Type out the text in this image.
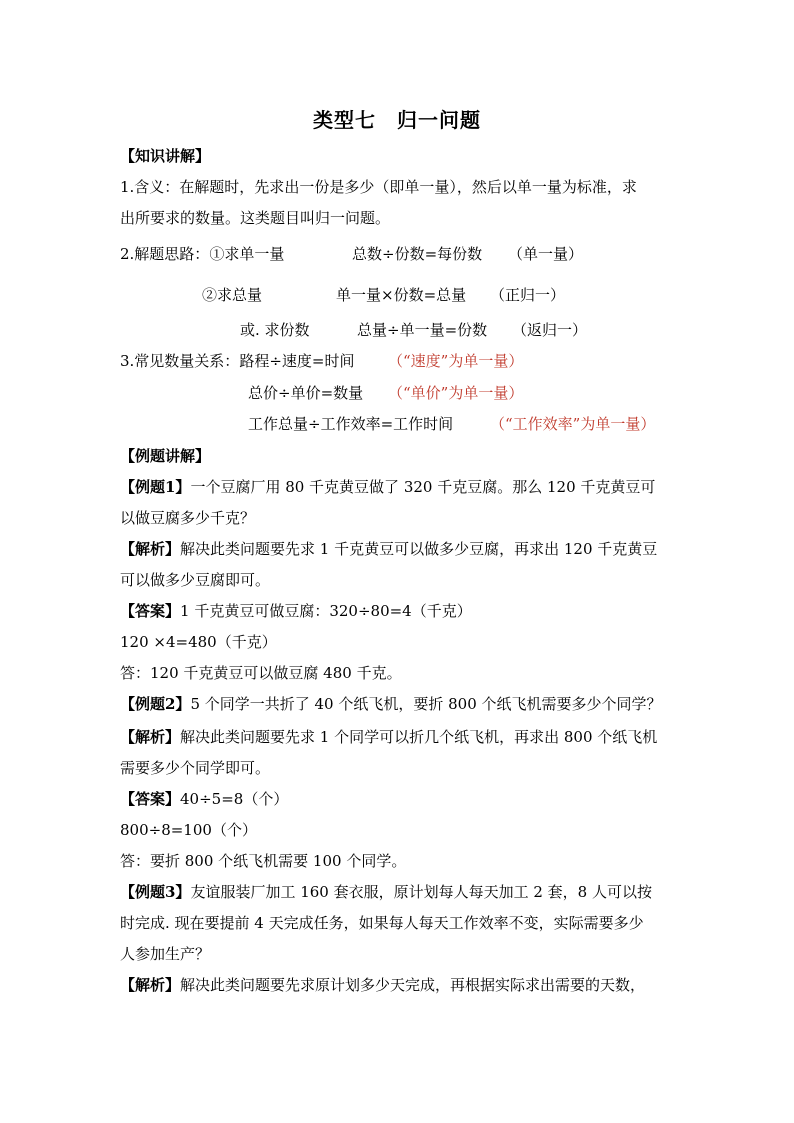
类型七　归一问题
【知识讲解】
1.含义：在解题时，先求出一份是多少（即单一量），然后以单一量为标准，求
出所要求的数量。这类题目叫归一问题。
2.解题思路：①求单一量	总数÷份数=每份数 （单一量）
②求总量	单一量×份数=总量 （正归一）
或. 求份数	总量÷单一量=份数 （返归一）
3.常见数量关系：路程÷速度=时间 （“速度”为单一量）
总价÷单价=数量 （“单价”为单一量）
工作总量÷工作效率=工作时间 （“工作效率”为单一量）
【例题讲解】
【例题1】一个豆腐厂用 80 千克黄豆做了 320 千克豆腐。那么 120 千克黄豆可
以做豆腐多少千克？
【解析】解决此类问题要先求 1 千克黄豆可以做多少豆腐，再求出 120 千克黄豆
可以做多少豆腐即可。
【答案】1 千克黄豆可做豆腐：320÷80=4（千克）
120 ×4=480（千克）
答：120 千克黄豆可以做豆腐 480 千克。
【例题2】5 个同学一共折了 40 个纸飞机，要折 800 个纸飞机需要多少个同学？
【解析】解决此类问题要先求 1 个同学可以折几个纸飞机，再求出 800 个纸飞机
需要多少个同学即可。
【答案】40÷5=8（个）
800÷8=100（个）
答：要折 800 个纸飞机需要 100 个同学。
【例题3】友谊服装厂加工 160 套衣服，原计划每人每天加工 2 套，8 人可以按
时完成. 现在要提前 4 天完成任务，如果每人每天工作效率不变，实际需要多少
人参加生产？
【解析】解决此类问题要先求原计划多少天完成，再根据实际求出需要的天数，
